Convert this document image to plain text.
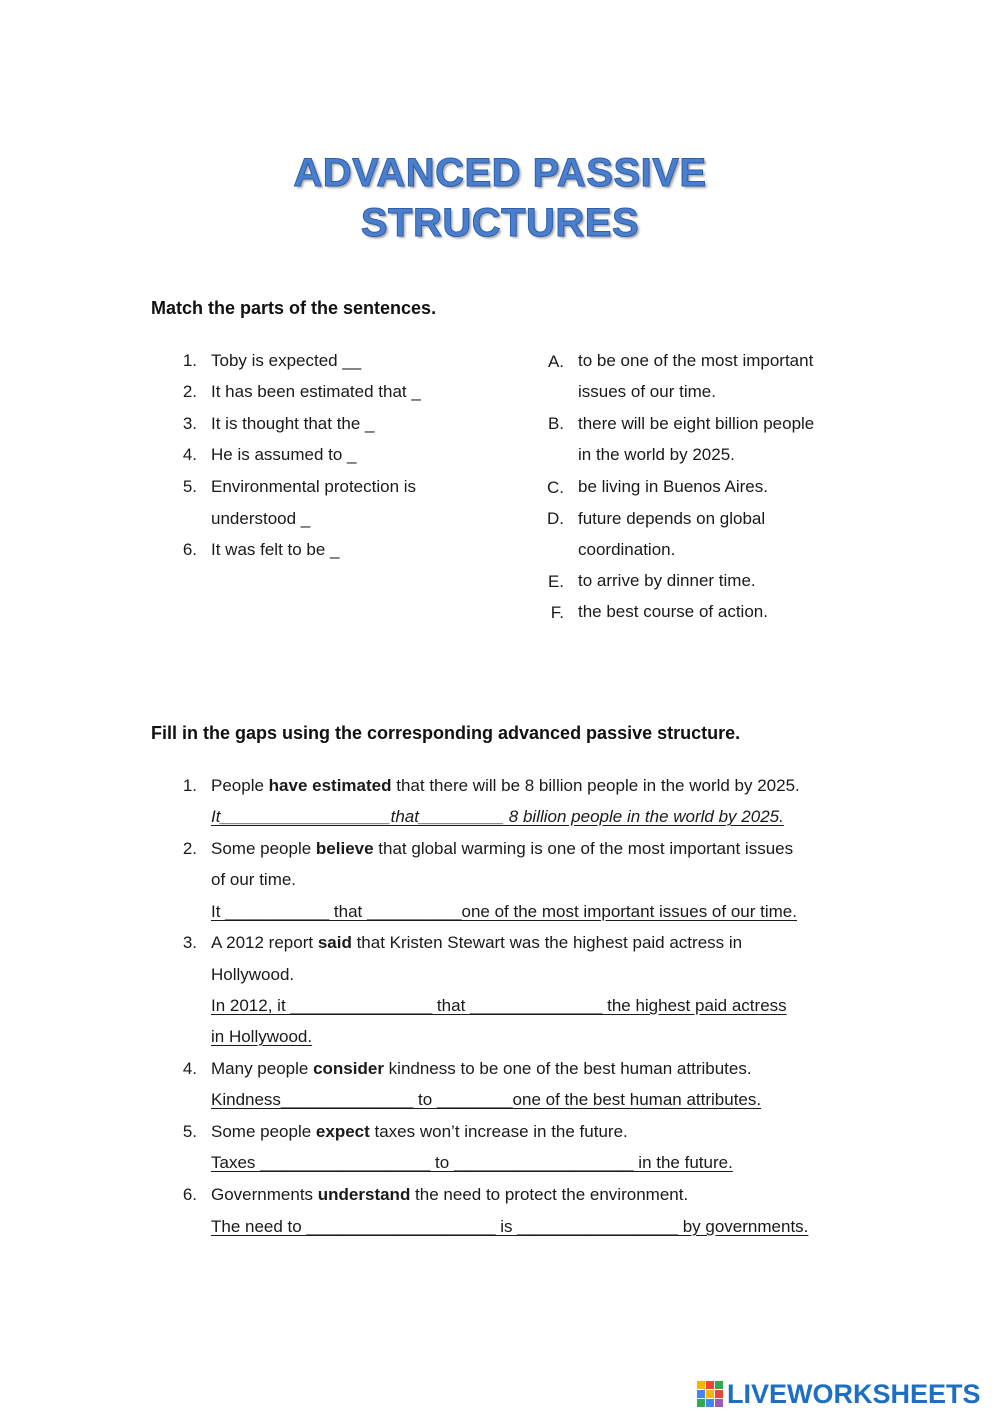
ADVANCED PASSIVE
STRUCTURES
Match the parts of the sentences.
1. Toby is expected __
2. It has been estimated that _
3. It is thought that the _
4. He is assumed to _
5. Environmental protection is
understood _
6. It was felt to be _
A. to be one of the most important
issues of our time.
B. there will be eight billion people
in the world by 2025.
C. be living in Buenos Aires.
D. future depends on global
coordination.
E. to arrive by dinner time.
F. the best course of action.
Fill in the gaps using the corresponding advanced passive structure.
1. People have estimated that there will be 8 billion people in the world by 2025.
It__________________that_________ 8 billion people in the world by 2025.
2. Some people believe that global warming is one of the most important issues
of our time.
It ___________ that __________one of the most important issues of our time.
3. A 2012 report said that Kristen Stewart was the highest paid actress in
Hollywood.
In 2012, it _______________ that ______________ the highest paid actress
in Hollywood.
4. Many people consider kindness to be one of the best human attributes.
Kindness______________ to ________one of the best human attributes.
5. Some people expect taxes won’t increase in the future.
Taxes __________________ to ___________________ in the future.
6. Governments understand the need to protect the environment.
The need to ____________________ is _________________ by governments.
LIVEWORKSHEETS
